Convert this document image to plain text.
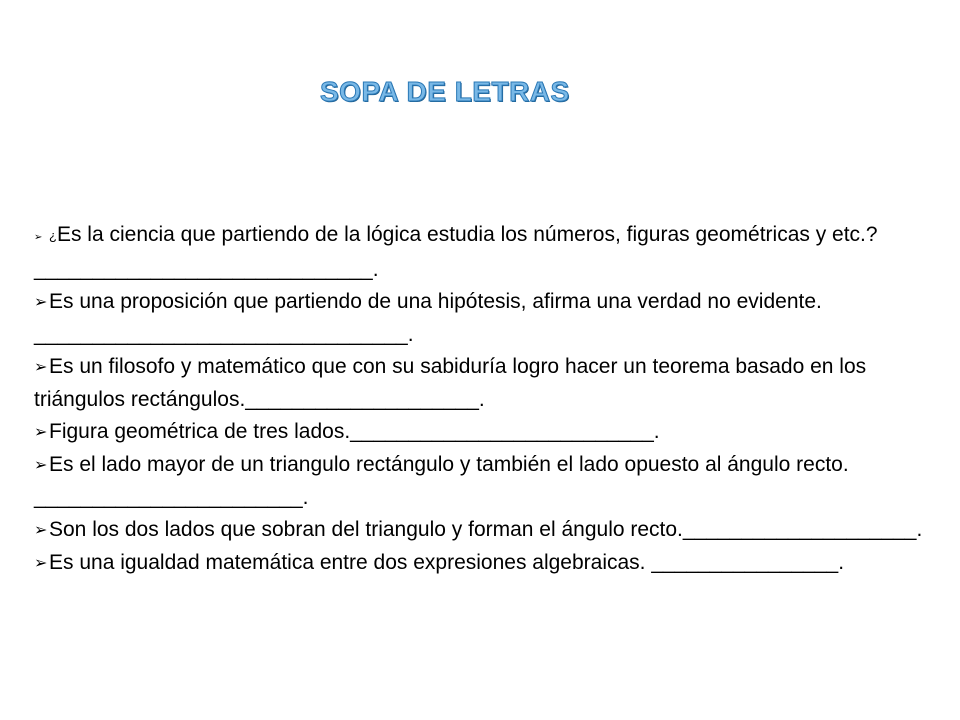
SOPA DE LETRAS
➢ ¿Es la ciencia que partiendo de la lógica estudia los números, figuras geométricas y etc.?_____________________________.
➢Es una proposición que partiendo de una hipótesis, afirma una verdad no evidente. ________________________________.
➢Es un filosofo y matemático que con su sabiduría logro hacer un teorema basado en los triángulos rectángulos.____________________.
➢Figura geométrica de tres lados.__________________________.
➢Es el lado mayor de un triangulo rectángulo y también el lado opuesto al ángulo recto. _______________________.
➢Son los dos lados que sobran del triangulo y forman el ángulo recto.____________________.
➢Es una igualdad matemática entre dos expresiones algebraicas. ________________.
